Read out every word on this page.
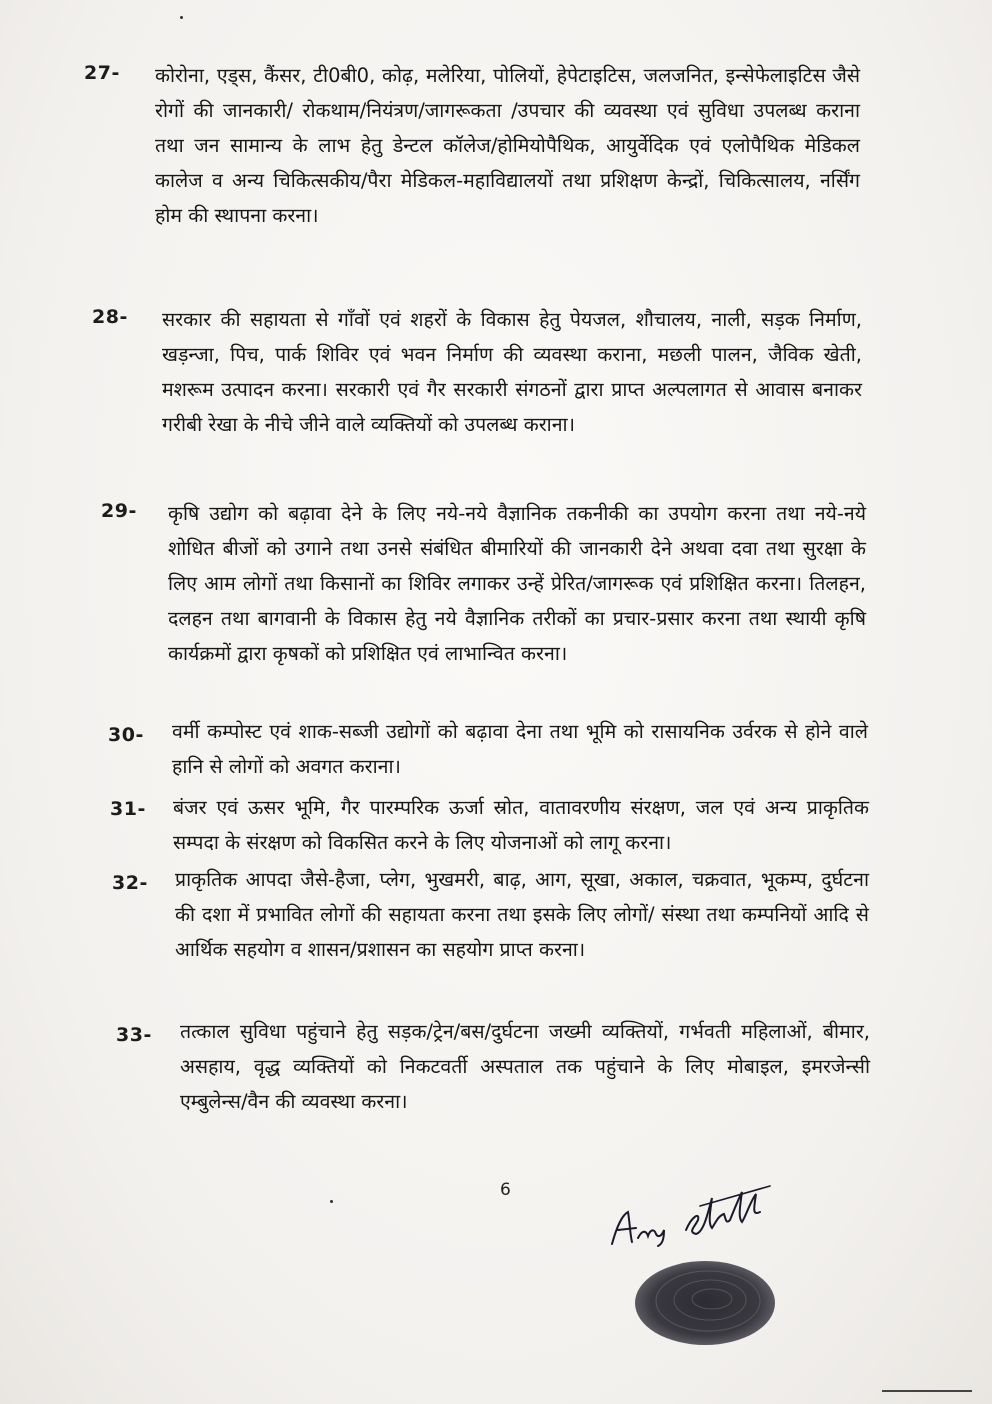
27- कोरोना, एड्स, कैंसर, टी0बी0, कोढ़, मलेरिया, पोलियों, हेपेटाइटिस, जलजनित, इन्सेफेलाइटिस जैसे रोगों की जानकारी/ रोकथाम/नियंत्रण/जागरूकता /उपचार की व्यवस्था एवं सुविधा उपलब्ध कराना तथा जन सामान्य के लाभ हेतु डेन्टल कॉलेज/होमियोपैथिक, आयुर्वेदिक एवं एलोपैथिक मेडिकल कालेज व अन्य चिकित्सकीय/पैरा मेडिकल-महाविद्यालयों तथा प्रशिक्षण केन्द्रों, चिकित्सालय, नर्सिंग होम की स्थापना करना।
28- सरकार की सहायता से गाँवों एवं शहरों के विकास हेतु पेयजल, शौचालय, नाली, सड़क निर्माण, खड़न्जा, पिच, पार्क शिविर एवं भवन निर्माण की व्यवस्था कराना, मछली पालन, जैविक खेती, मशरूम उत्पादन करना। सरकारी एवं गैर सरकारी संगठनों द्वारा प्राप्त अल्पलागत से आवास बनाकर गरीबी रेखा के नीचे जीने वाले व्यक्तियों को उपलब्ध कराना।
29- कृषि उद्योग को बढ़ावा देने के लिए नये-नये वैज्ञानिक तकनीकी का उपयोग करना तथा नये-नये शोधित बीजों को उगाने तथा उनसे संबंधित बीमारियों की जानकारी देने अथवा दवा तथा सुरक्षा के लिए आम लोगों तथा किसानों का शिविर लगाकर उन्हें प्रेरित/जागरूक एवं प्रशिक्षित करना। तिलहन, दलहन तथा बागवानी के विकास हेतु नये वैज्ञानिक तरीकों का प्रचार-प्रसार करना तथा स्थायी कृषि कार्यक्रमों द्वारा कृषकों को प्रशिक्षित एवं लाभान्वित करना।
30- वर्मी कम्पोस्ट एवं शाक-सब्जी उद्योगों को बढ़ावा देना तथा भूमि को रासायनिक उर्वरक से होने वाले हानि से लोगों को अवगत कराना।
31- बंजर एवं ऊसर भूमि, गैर पारम्परिक ऊर्जा स्रोत, वातावरणीय संरक्षण, जल एवं अन्य प्राकृतिक सम्पदा के संरक्षण को विकसित करने के लिए योजनाओं को लागू करना।
32- प्राकृतिक आपदा जैसे-हैजा, प्लेग, भुखमरी, बाढ़, आग, सूखा, अकाल, चक्रवात, भूकम्प, दुर्घटना की दशा में प्रभावित लोगों की सहायता करना तथा इसके लिए लोगों/ संस्था तथा कम्पनियों आदि से आर्थिक सहयोग व शासन/प्रशासन का सहयोग प्राप्त करना।
33- तत्काल सुविधा पहुंचाने हेतु सड़क/ट्रेन/बस/दुर्घटना जख्मी व्यक्तियों, गर्भवती महिलाओं, बीमार, असहाय, वृद्ध व्यक्तियों को निकटवर्ती अस्पताल तक पहुंचाने के लिए मोबाइल, इमरजेन्सी एम्बुलेन्स/वैन की व्यवस्था करना।
6
